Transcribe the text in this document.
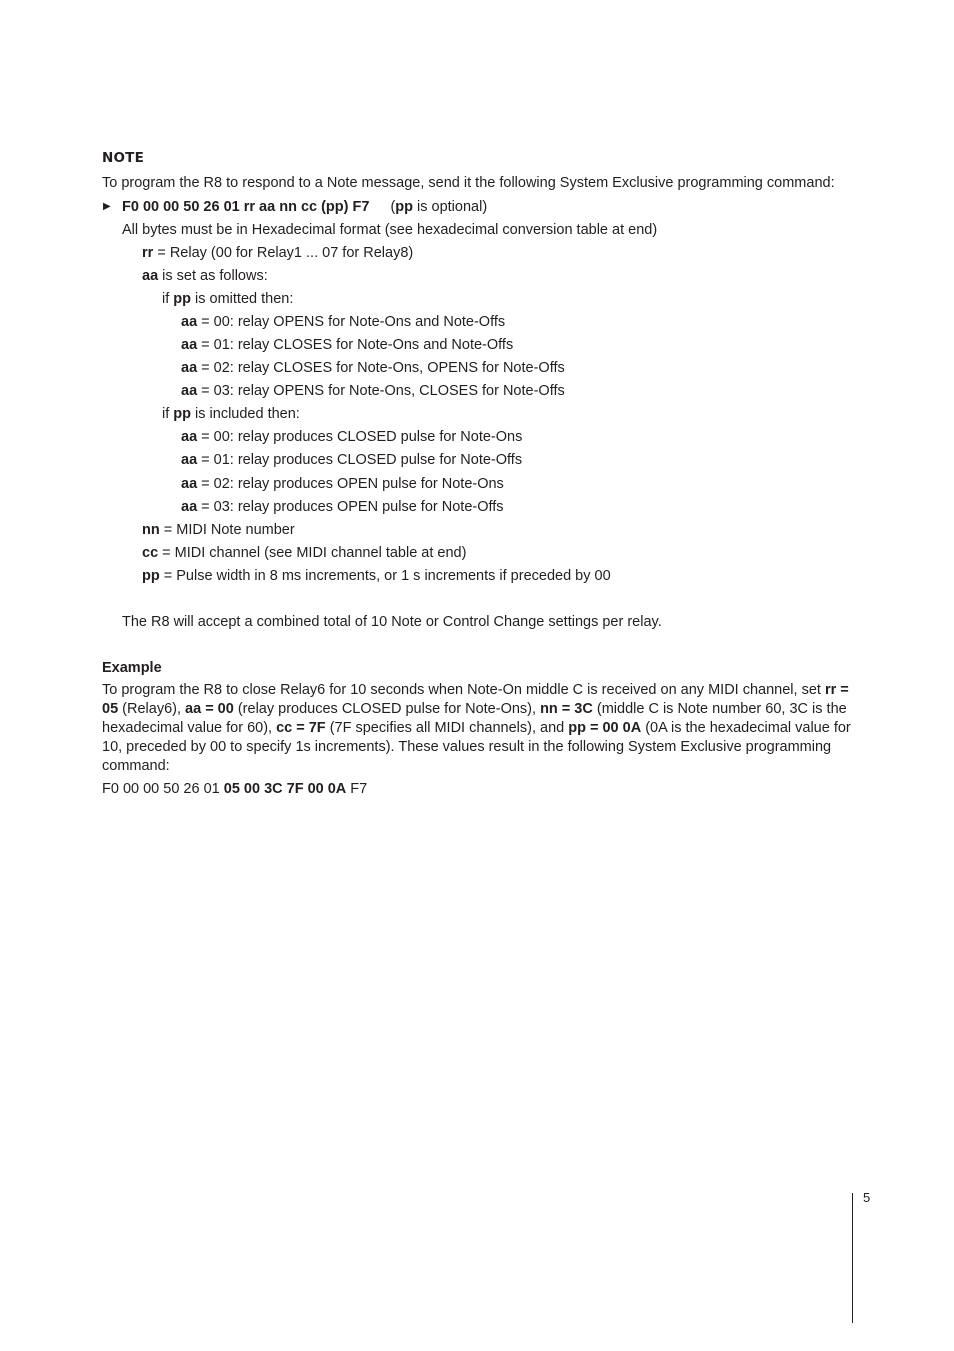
NOTE
To program the R8 to respond to a Note message, send it the following System Exclusive programming command:
▶ F0 00 00 50 26 01 rr aa nn cc (pp) F7 (pp is optional)
All bytes must be in Hexadecimal format (see hexadecimal conversion table at end)
rr = Relay (00 for Relay1 ... 07 for Relay8)
aa is set as follows:
if pp is omitted then:
aa = 00: relay OPENS for Note-Ons and Note-Offs
aa = 01: relay CLOSES for Note-Ons and Note-Offs
aa = 02: relay CLOSES for Note-Ons, OPENS for Note-Offs
aa = 03: relay OPENS for Note-Ons, CLOSES for Note-Offs
if pp is included then:
aa = 00: relay produces CLOSED pulse for Note-Ons
aa = 01: relay produces CLOSED pulse for Note-Offs
aa = 02: relay produces OPEN pulse for Note-Ons
aa = 03: relay produces OPEN pulse for Note-Offs
nn = MIDI Note number
cc = MIDI channel (see MIDI channel table at end)
pp = Pulse width in 8 ms increments, or 1 s increments if preceded by 00
The R8 will accept a combined total of 10 Note or Control Change settings per relay.
Example
To program the R8 to close Relay6 for 10 seconds when Note-On middle C is received on any MIDI channel, set rr =
05 (Relay6), aa = 00 (relay produces CLOSED pulse for Note-Ons), nn = 3C (middle C is Note number 60, 3C is the
hexadecimal value for 60), cc = 7F (7F specifies all MIDI channels), and pp = 00 0A (0A is the hexadecimal value for
10, preceded by 00 to specify 1s increments). These values result in the following System Exclusive programming
command:
F0 00 00 50 26 01 05 00 3C 7F 00 0A F7
5
